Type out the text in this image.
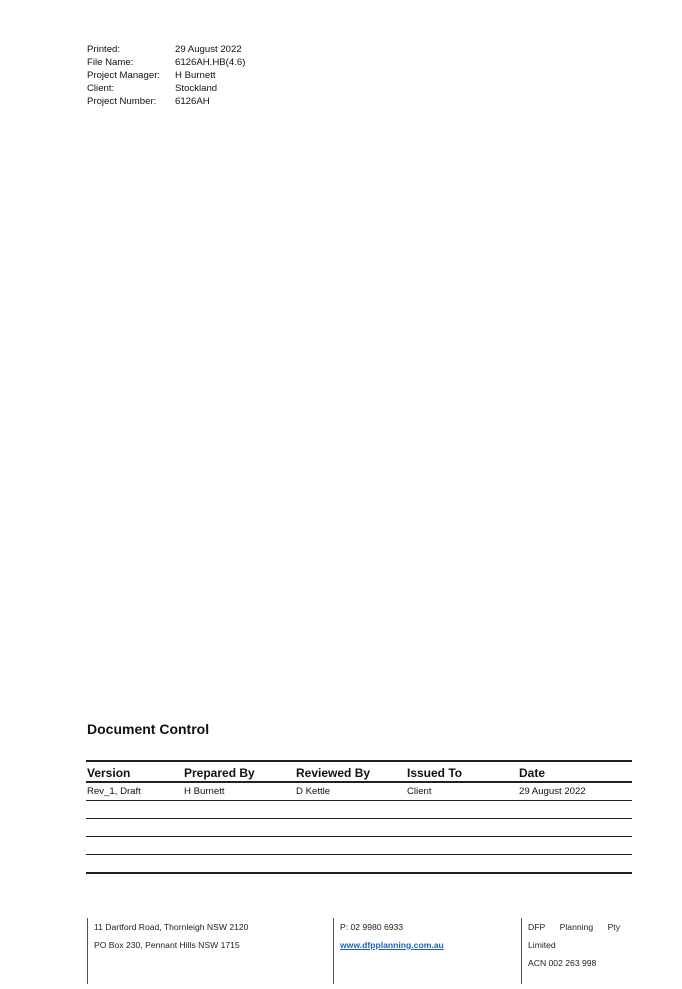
Printed:	29 August 2022
File Name:	6126AH.HB(4.6)
Project Manager:	H Burnett
Client:	Stockland
Project Number:	6126AH
Document Control
Version	Prepared By	Reviewed By	Issued To	Date
Rev_1, Draft	H Burnett	D Kettle	Client	29 August 2022

11 Dartford Road, Thornleigh NSW 2120
PO Box 230, Pennant Hills NSW 1715
P: 02 9980 6933
www.dfpplanning.com.au
DFP Planning Pty
Limited
ACN 002 263 998
